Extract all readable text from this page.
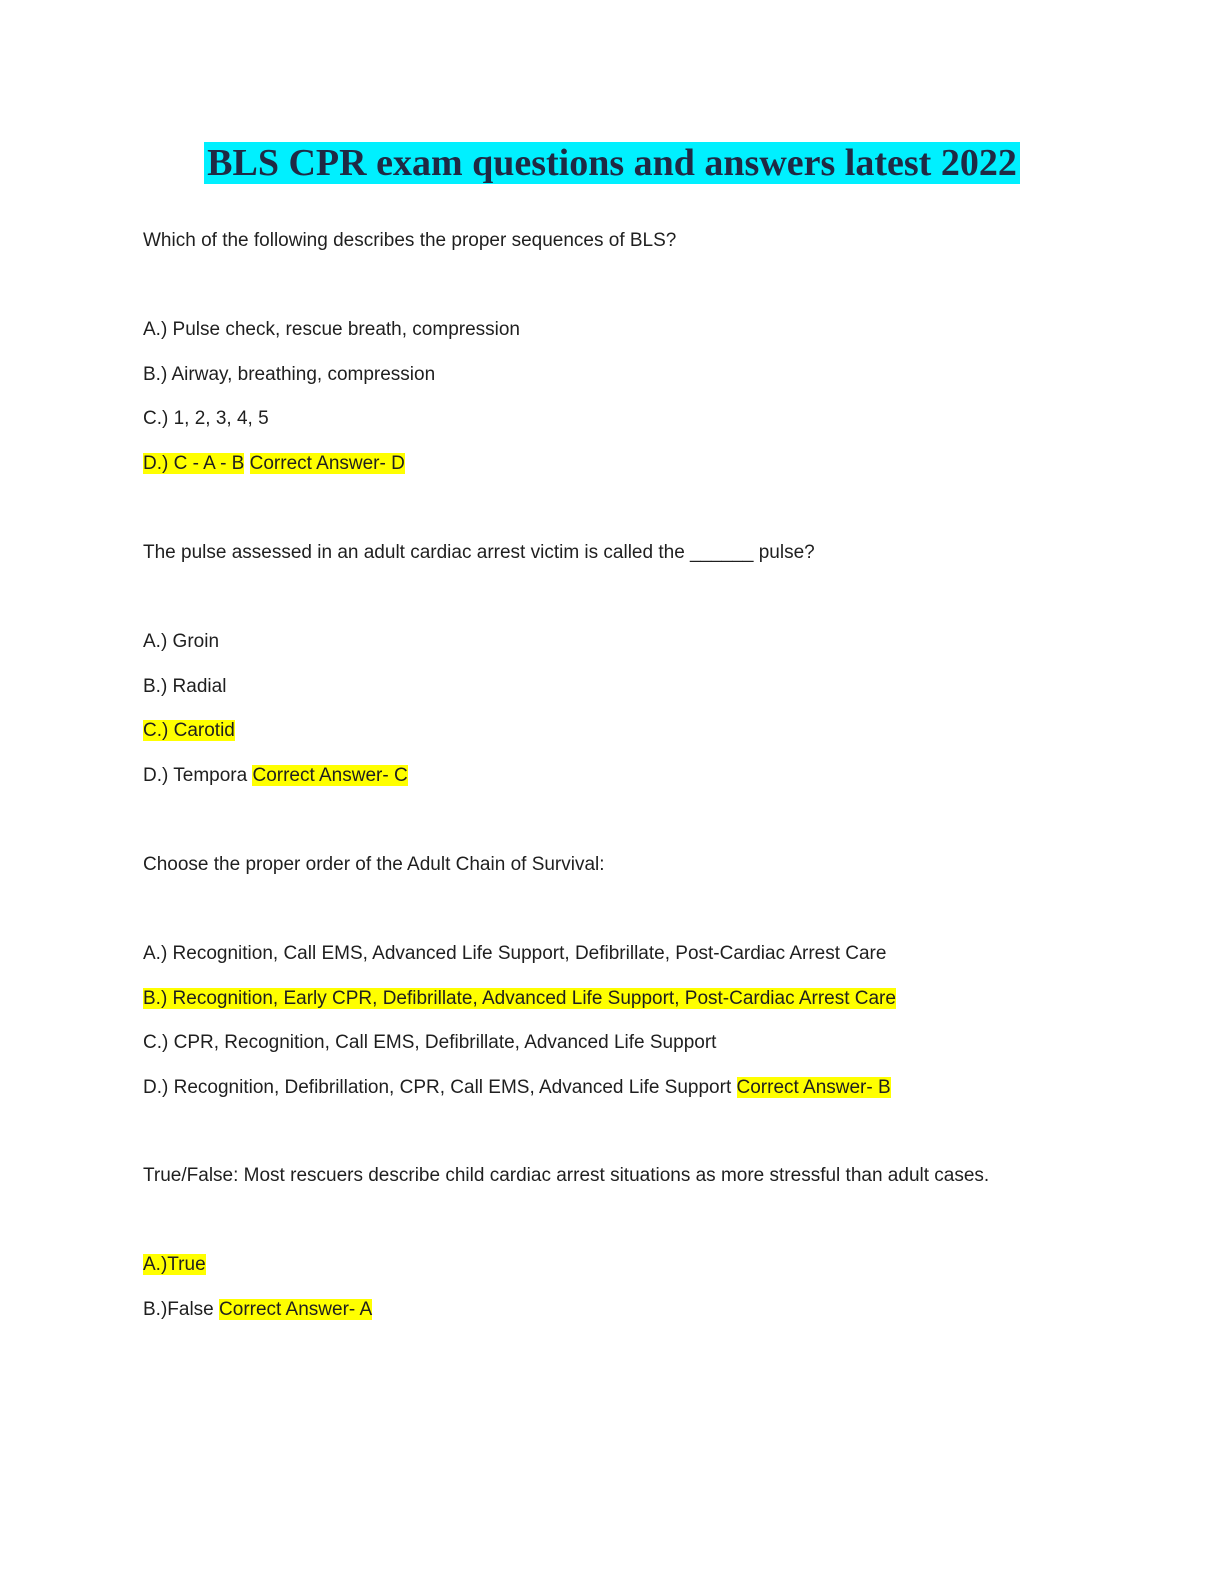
BLS CPR exam questions and answers latest 2022
Which of the following describes the proper sequences of BLS?
A.) Pulse check, rescue breath, compression
B.) Airway, breathing, compression
C.) 1, 2, 3, 4, 5
D.) C - A - B Correct Answer- D
The pulse assessed in an adult cardiac arrest victim is called the ______ pulse?
A.) Groin
B.) Radial
C.) Carotid
D.) Tempora Correct Answer- C
Choose the proper order of the Adult Chain of Survival:
A.) Recognition, Call EMS, Advanced Life Support, Defibrillate, Post-Cardiac Arrest Care
B.) Recognition, Early CPR, Defibrillate, Advanced Life Support, Post-Cardiac Arrest Care
C.) CPR, Recognition, Call EMS, Defibrillate, Advanced Life Support
D.) Recognition, Defibrillation, CPR, Call EMS, Advanced Life Support Correct Answer- B
True/False: Most rescuers describe child cardiac arrest situations as more stressful than adult cases.
A.)True
B.)False Correct Answer- A
